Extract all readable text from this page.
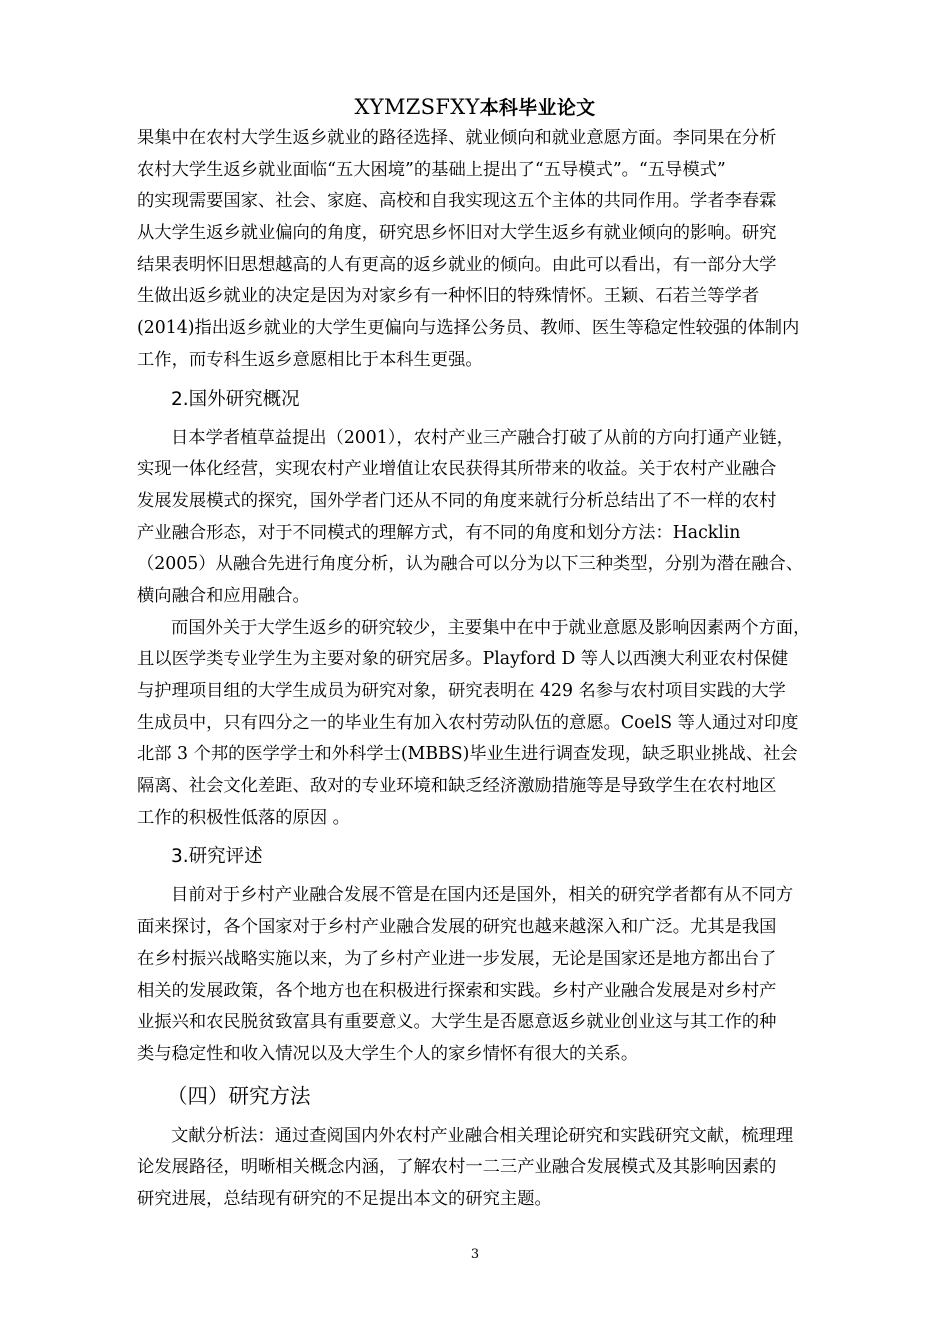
XYMZSFXY本科毕业论文
果集中在农村大学生返乡就业的路径选择、就业倾向和就业意愿方面。李同果在分析
农村大学生返乡就业面临“五大困境”的基础上提出了“五导模式”。“五导模式”
的实现需要国家、社会、家庭、高校和自我实现这五个主体的共同作用。学者李春霖
从大学生返乡就业偏向的角度，研究思乡怀旧对大学生返乡有就业倾向的影响。研究
结果表明怀旧思想越高的人有更高的返乡就业的倾向。由此可以看出，有一部分大学
生做出返乡就业的决定是因为对家乡有一种怀旧的特殊情怀。王颖、石若兰等学者
(2014)指出返乡就业的大学生更偏向与选择公务员、教师、医生等稳定性较强的体制内
工作，而专科生返乡意愿相比于本科生更强。
2.国外研究概况
日本学者植草益提出（2001），农村产业三产融合打破了从前的方向打通产业链，
实现一体化经营，实现农村产业增值让农民获得其所带来的收益。关于农村产业融合
发展发展模式的探究，国外学者门还从不同的角度来就行分析总结出了不一样的农村
产业融合形态，对于不同模式的理解方式，有不同的角度和划分方法：Hacklin
（2005）从融合先进行角度分析，认为融合可以分为以下三种类型，分别为潜在融合、
横向融合和应用融合。
而国外关于大学生返乡的研究较少，主要集中在中于就业意愿及影响因素两个方面，
且以医学类专业学生为主要对象的研究居多。Playford D 等人以西澳大利亚农村保健
与护理项目组的大学生成员为研究对象，研究表明在 429 名参与农村项目实践的大学
生成员中，只有四分之一的毕业生有加入农村劳动队伍的意愿。CoelS 等人通过对印度
北部 3 个邦的医学学士和外科学士(MBBS)毕业生进行调查发现，缺乏职业挑战、社会
隔离、社会文化差距、敌对的专业环境和缺乏经济激励措施等是导致学生在农村地区
工作的积极性低落的原因 。
3.研究评述
目前对于乡村产业融合发展不管是在国内还是国外，相关的研究学者都有从不同方
面来探讨，各个国家对于乡村产业融合发展的研究也越来越深入和广泛。尤其是我国
在乡村振兴战略实施以来，为了乡村产业进一步发展，无论是国家还是地方都出台了
相关的发展政策，各个地方也在积极进行探索和实践。乡村产业融合发展是对乡村产
业振兴和农民脱贫致富具有重要意义。大学生是否愿意返乡就业创业这与其工作的种
类与稳定性和收入情况以及大学生个人的家乡情怀有很大的关系。
（四）研究方法
文献分析法：通过查阅国内外农村产业融合相关理论研究和实践研究文献，梳理理
论发展路径，明晰相关概念内涵，了解农村一二三产业融合发展模式及其影响因素的
研究进展，总结现有研究的不足提出本文的研究主题。
3
